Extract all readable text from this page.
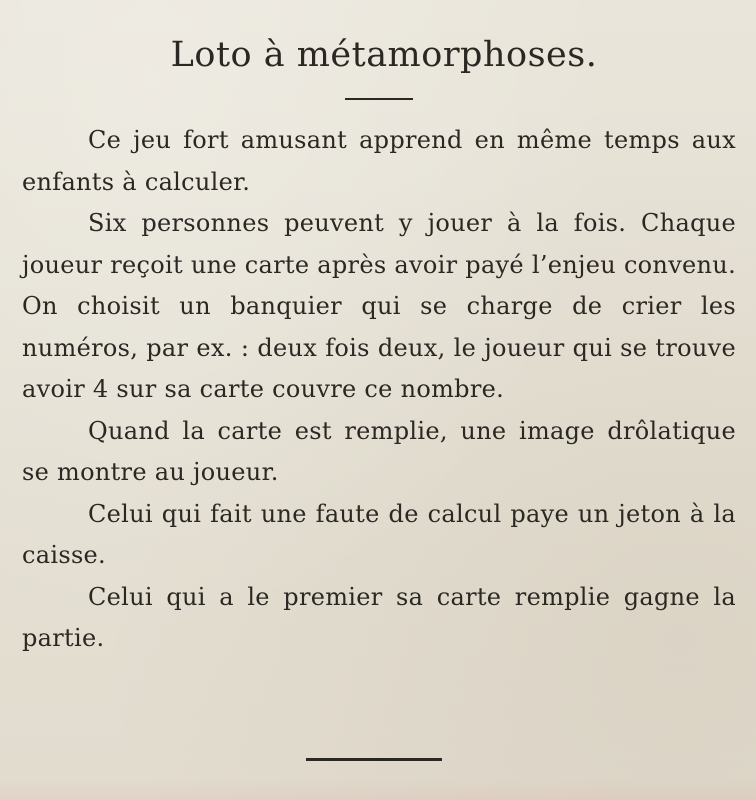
Loto à métamorphoses.

Ce jeu fort amusant apprend en même temps aux enfants à calculer.

Six personnes peuvent y jouer à la fois. Chaque joueur reçoit une carte après avoir payé l’enjeu convenu. On choisit un banquier qui se charge de crier les numéros, par ex. : deux fois deux, le joueur qui se trouve avoir 4 sur sa carte couvre ce nombre.

Quand la carte est remplie, une image drôlatique se montre au joueur.

Celui qui fait une faute de calcul paye un jeton à la caisse.

Celui qui a le premier sa carte remplie gagne la partie.
